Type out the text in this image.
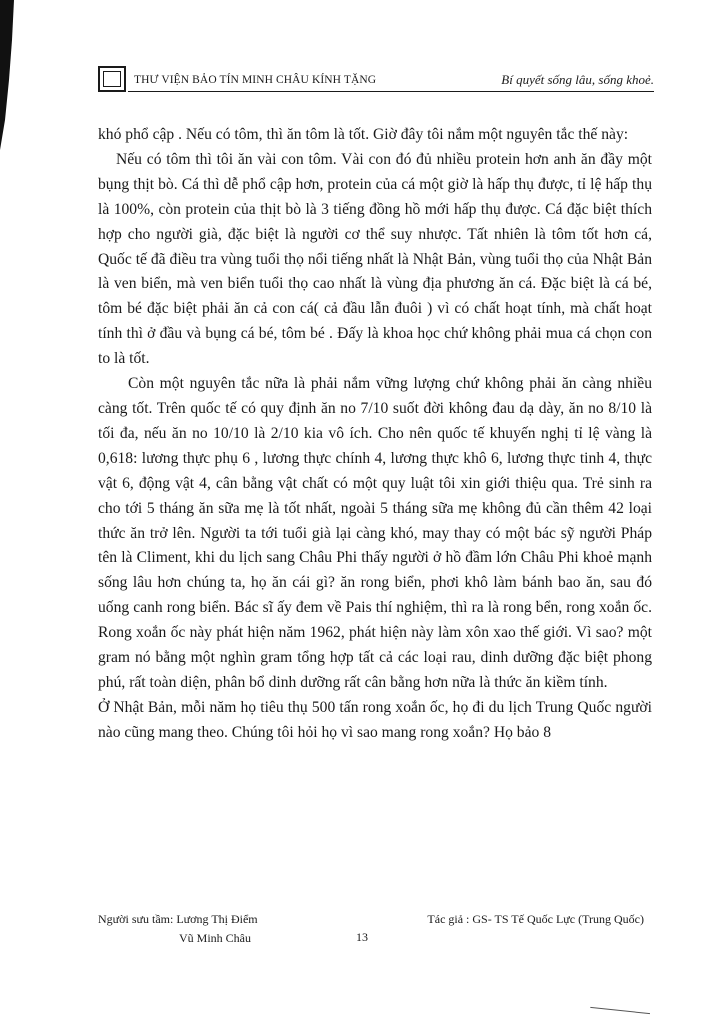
THƯ VIỆN BẢO TÍN MINH CHÂU KÍNH TẶNG	Bí quyết sống lâu, sống khoẻ.

khó phổ cập . Nếu có tôm, thì ăn tôm là tốt. Giờ đây tôi nắm một nguyên tắc thế này:

Nếu có tôm thì tôi ăn vài con tôm. Vài con đó đủ nhiều protein hơn anh ăn đầy một bụng thịt bò. Cá thì dễ phổ cập hơn, protein của cá một giờ là hấp thụ được, tỉ lệ hấp thụ là 100%, còn protein của thịt bò là 3 tiếng đồng hồ mới hấp thụ được. Cá đặc biệt thích hợp cho người già, đặc biệt là người cơ thể suy nhược. Tất nhiên là tôm tốt hơn cá, Quốc tế đã điều tra vùng tuổi thọ nổi tiếng nhất là Nhật Bản, vùng tuổi thọ của Nhật Bản là ven biển, mà ven biển tuổi thọ cao nhất là vùng địa phương ăn cá. Đặc biệt là cá bé, tôm bé đặc biệt phải ăn cả con cá( cả đầu lẫn đuôi ) vì có chất hoạt tính, mà chất hoạt tính thì ở đầu và bụng cá bé, tôm bé . Đấy là khoa học chứ không phải mua cá chọn con to là tốt.

Còn một nguyên tắc nữa là phải nắm vững lượng chứ không phải ăn càng nhiều càng tốt. Trên quốc tế có quy định ăn no 7/10 suốt đời không đau dạ dày, ăn no 8/10 là tối đa, nếu ăn no 10/10 là 2/10 kia vô ích. Cho nên quốc tế khuyến nghị tỉ lệ vàng là 0,618: lương thực phụ 6 , lương thực chính 4, lương thực khô 6, lương thực tinh 4, thực vật 6, động vật 4, cân bằng vật chất có một quy luật tôi xin giới thiệu qua. Trẻ sinh ra cho tới 5 tháng ăn sữa mẹ là tốt nhất, ngoài 5 tháng sữa mẹ không đủ cần thêm 42 loại thức ăn trở lên. Người ta tới tuổi già lại càng khó, may thay có một bác sỹ người Pháp tên là Climent, khi du lịch sang Châu Phi thấy người ở hồ đầm lớn Châu Phi khoẻ mạnh sống lâu hơn chúng ta, họ ăn cái gì? ăn rong biển, phơi khô làm bánh bao ăn, sau đó uống canh rong biển. Bác sĩ ấy đem về Pais thí nghiệm, thì ra là rong bển, rong xoắn ốc. Rong xoắn ốc này phát hiện năm 1962, phát hiện này làm xôn xao thế giới. Vì sao? một gram nó bằng một nghìn gram tổng hợp tất cả các loại rau, dinh dưỡng đặc biệt phong phú, rất toàn diện, phân bổ dinh dưỡng rất cân bằng hơn nữa là thức ăn kiềm tính.

Ở Nhật Bản, mỗi năm họ tiêu thụ 500 tấn rong xoắn ốc, họ đi du lịch Trung Quốc người nào cũng mang theo. Chúng tôi hỏi họ vì sao mang rong xoắn? Họ bảo 8

Người sưu tầm: Lương Thị Điểm
Vũ Minh Châu	13
Tác giả : GS- TS Tế Quốc Lực (Trung Quốc)
